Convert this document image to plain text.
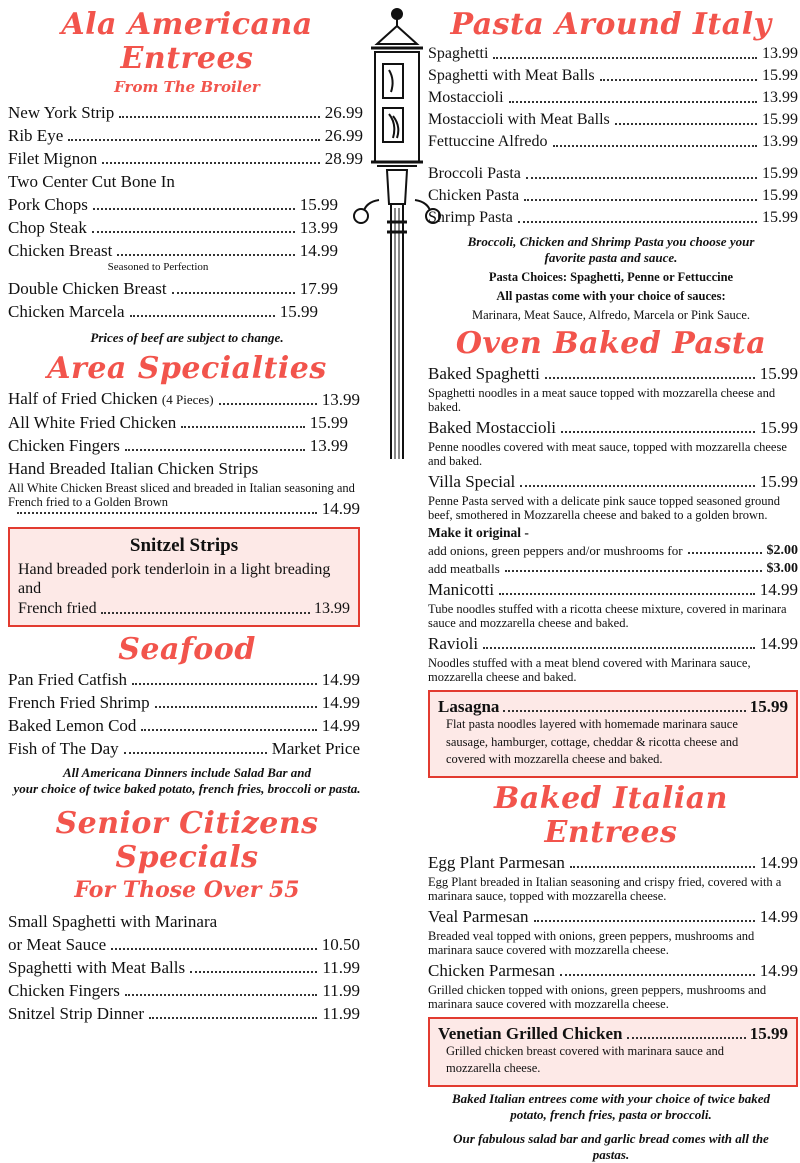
Ala Americana Entrees
From The Broiler
New York Strip	26.99
Rib Eye	26.99
Filet Mignon	28.99
Two Center Cut Bone In
Pork Chops	15.99
Chop Steak	13.99
Chicken Breast	14.99
Seasoned to Perfection
Double Chicken Breast	17.99
Chicken Marcela	15.99
Prices of beef are subject to change.
Area Specialties
Half of Fried Chicken (4 Pieces)	13.99
All White Fried Chicken	15.99
Chicken Fingers	13.99
Hand Breaded Italian Chicken Strips
All White Chicken Breast sliced and breaded in Italian seasoning and French fried to a Golden Brown	14.99
Snitzel Strips
Hand breaded pork tenderloin in a light breading and
French fried	13.99
Seafood
Pan Fried Catfish	14.99
French Fried Shrimp	14.99
Baked Lemon Cod	14.99
Fish of The Day	Market Price
All Americana Dinners include Salad Bar and
your choice of twice baked potato, french fries, broccoli or pasta.
Senior Citizens Specials
For Those Over 55
Small Spaghetti with Marinara
or Meat Sauce	10.50
Spaghetti with Meat Balls	11.99
Chicken Fingers	11.99
Snitzel Strip Dinner	11.99
Pasta Around Italy
Spaghetti	13.99
Spaghetti with Meat Balls	15.99
Mostaccioli	13.99
Mostaccioli with Meat Balls	15.99
Fettuccine Alfredo	13.99
Broccoli Pasta	15.99
Chicken Pasta	15.99
Shrimp Pasta	15.99
Broccoli, Chicken and Shrimp Pasta you choose your
favorite pasta and sauce.
Pasta Choices: Spaghetti, Penne or Fettuccine
All pastas come with your choice of sauces:
Marinara, Meat Sauce, Alfredo, Marcela or Pink Sauce.
Oven Baked Pasta
Baked Spaghetti	15.99
Spaghetti noodles in a meat sauce topped with mozzarella cheese and baked.
Baked Mostaccioli	15.99
Penne noodles covered with meat sauce, topped with mozzarella cheese and baked.
Villa Special	15.99
Penne Pasta served with a delicate pink sauce topped seasoned ground beef, smothered in Mozzarella cheese and baked to a golden brown.
Make it original -
add onions, green peppers and/or mushrooms for	$2.00
add meatballs	$3.00
Manicotti	14.99
Tube noodles stuffed with a ricotta cheese mixture, covered in marinara sauce and mozzarella cheese and baked.
Ravioli	14.99
Noodles stuffed with a meat blend covered with Marinara sauce, mozzarella cheese and baked.
Lasagna	15.99
Flat pasta noodles layered with homemade marinara sauce
sausage, hamburger, cottage, cheddar & ricotta cheese and
covered with mozzarella cheese and baked.
Baked Italian Entrees
Egg Plant Parmesan	14.99
Egg Plant breaded in Italian seasoning and crispy fried, covered with a marinara sauce, topped with mozzarella cheese.
Veal Parmesan	14.99
Breaded veal topped with onions, green peppers, mushrooms and marinara sauce covered with mozzarella cheese.
Chicken Parmesan	14.99
Grilled chicken topped with onions, green peppers, mushrooms and marinara sauce covered with mozzarella cheese.
Venetian Grilled Chicken	15.99
Grilled chicken breast covered with marinara sauce and
mozzarella cheese.
Baked Italian entrees come with your choice of twice baked
potato, french fries, pasta or broccoli.
Our fabulous salad bar and garlic bread comes with all the
pastas.
